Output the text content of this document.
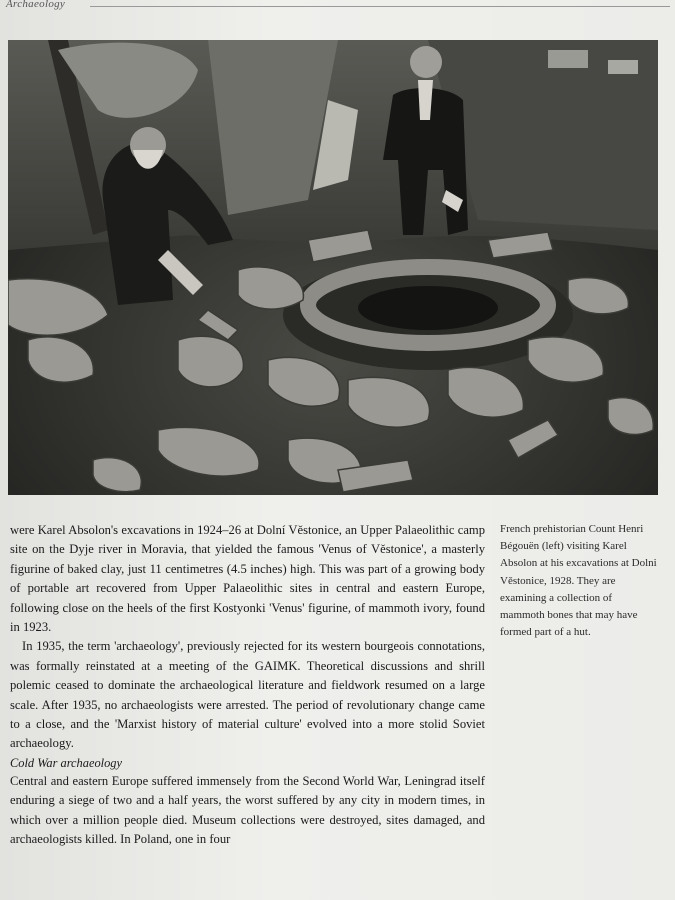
Archaeology

were Karel Absolon's excavations in 1924–26 at Dolní Věstonice, an Upper Palaeolithic camp site on the Dyje river in Moravia, that yielded the famous 'Venus of Věstonice', a masterly figurine of baked clay, just 11 centimetres (4.5 inches) high. This was part of a growing body of portable art recovered from Upper Palaeolithic sites in central and eastern Europe, following close on the heels of the first Kostyonki 'Venus' figurine, of mammoth ivory, found in 1923.

In 1935, the term 'archaeology', previously rejected for its western bourgeois connotations, was formally reinstated at a meeting of the GAIMK. Theoretical discussions and shrill polemic ceased to dominate the archaeological literature and fieldwork resumed on a large scale. After 1935, no archaeologists were arrested. The period of revolutionary change came to a close, and the 'Marxist history of material culture' evolved into a more stolid Soviet archaeology.

Cold War archaeology

Central and eastern Europe suffered immensely from the Second World War, Leningrad itself enduring a siege of two and a half years, the worst suffered by any city in modern times, in which over a million people died. Museum collections were destroyed, sites damaged, and archaeologists killed. In Poland, one in four

French prehistorian Count Henri Bégouën (left) visiting Karel Absolon at his excavations at Dolni Věstonice, 1928. They are examining a collection of mammoth bones that may have formed part of a hut.
